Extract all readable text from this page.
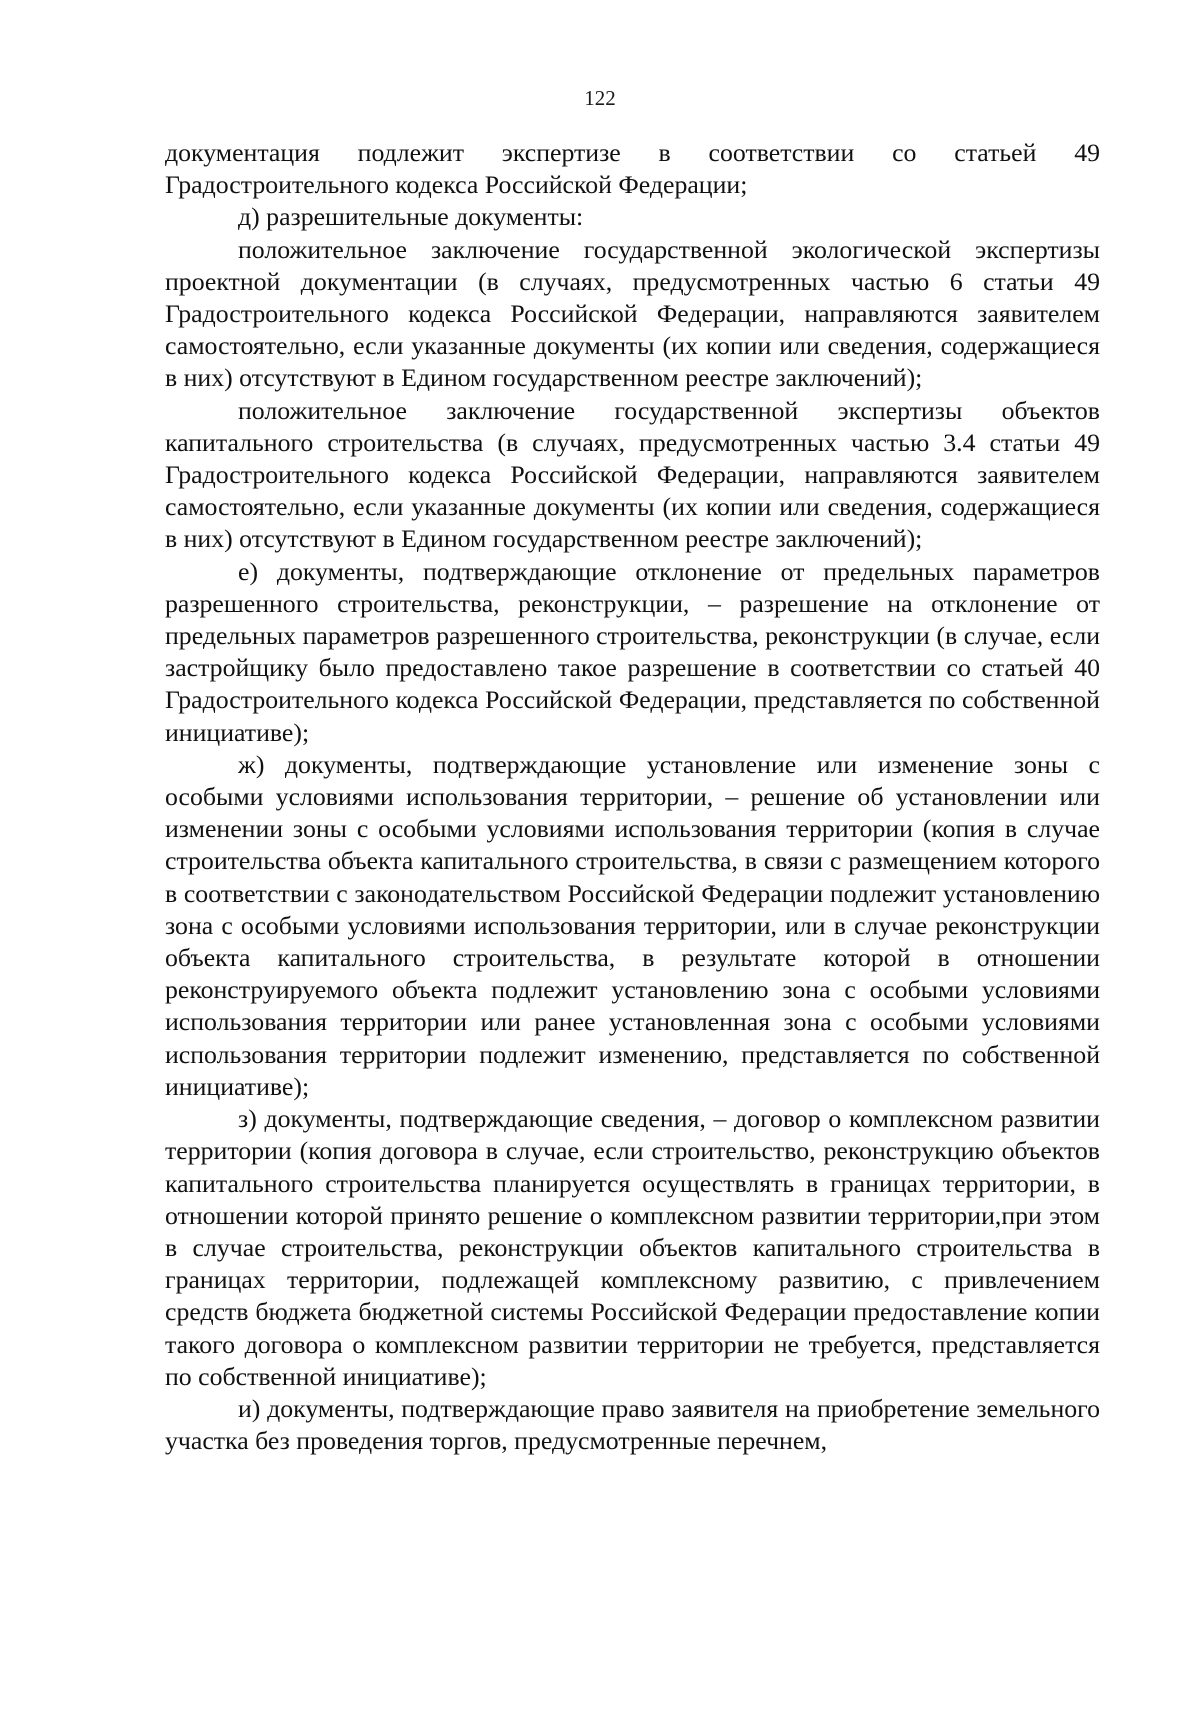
122

документация подлежит экспертизе в соответствии со статьей 49 Градостроительного кодекса Российской Федерации;

д) разрешительные документы:

положительное заключение государственной экологической экспертизы проектной документации (в случаях, предусмотренных частью 6 статьи 49 Градостроительного кодекса Российской Федерации, направляются заявителем самостоятельно, если указанные документы (их копии или сведения, содержащиеся в них) отсутствуют в Едином государственном реестре заключений);

положительное заключение государственной экспертизы объектов капитального строительства (в случаях, предусмотренных частью 3.4 статьи 49 Градостроительного кодекса Российской Федерации, направляются заявителем самостоятельно, если указанные документы (их копии или сведения, содержащиеся в них) отсутствуют в Едином государственном реестре заключений);

е) документы, подтверждающие отклонение от предельных параметров разрешенного строительства, реконструкции, – разрешение на отклонение от предельных параметров разрешенного строительства, реконструкции (в случае, если застройщику было предоставлено такое разрешение в соответствии со статьей 40 Градостроительного кодекса Российской Федерации, представляется по собственной инициативе);

ж) документы, подтверждающие установление или изменение зоны с особыми условиями использования территории, – решение об установлении или изменении зоны с особыми условиями использования территории (копия в случае строительства объекта капитального строительства, в связи с размещением которого в соответствии с законодательством Российской Федерации подлежит установлению зона с особыми условиями использования территории, или в случае реконструкции объекта капитального строительства, в результате которой в отношении реконструируемого объекта подлежит установлению зона с особыми условиями использования территории или ранее установленная зона с особыми условиями использования территории подлежит изменению, представляется по собственной инициативе);

з) документы, подтверждающие сведения, – договор о комплексном развитии территории (копия договора в случае, если строительство, реконструкцию объектов капитального строительства планируется осуществлять в границах территории, в отношении которой принято решение о комплексном развитии территории,при этом в случае строительства, реконструкции объектов капитального строительства в границах территории, подлежащей комплексному развитию, с привлечением средств бюджета бюджетной системы Российской Федерации предоставление копии такого договора о комплексном развитии территории не требуется, представляется по собственной инициативе);

и) документы, подтверждающие право заявителя на приобретение земельного участка без проведения торгов, предусмотренные перечнем,
